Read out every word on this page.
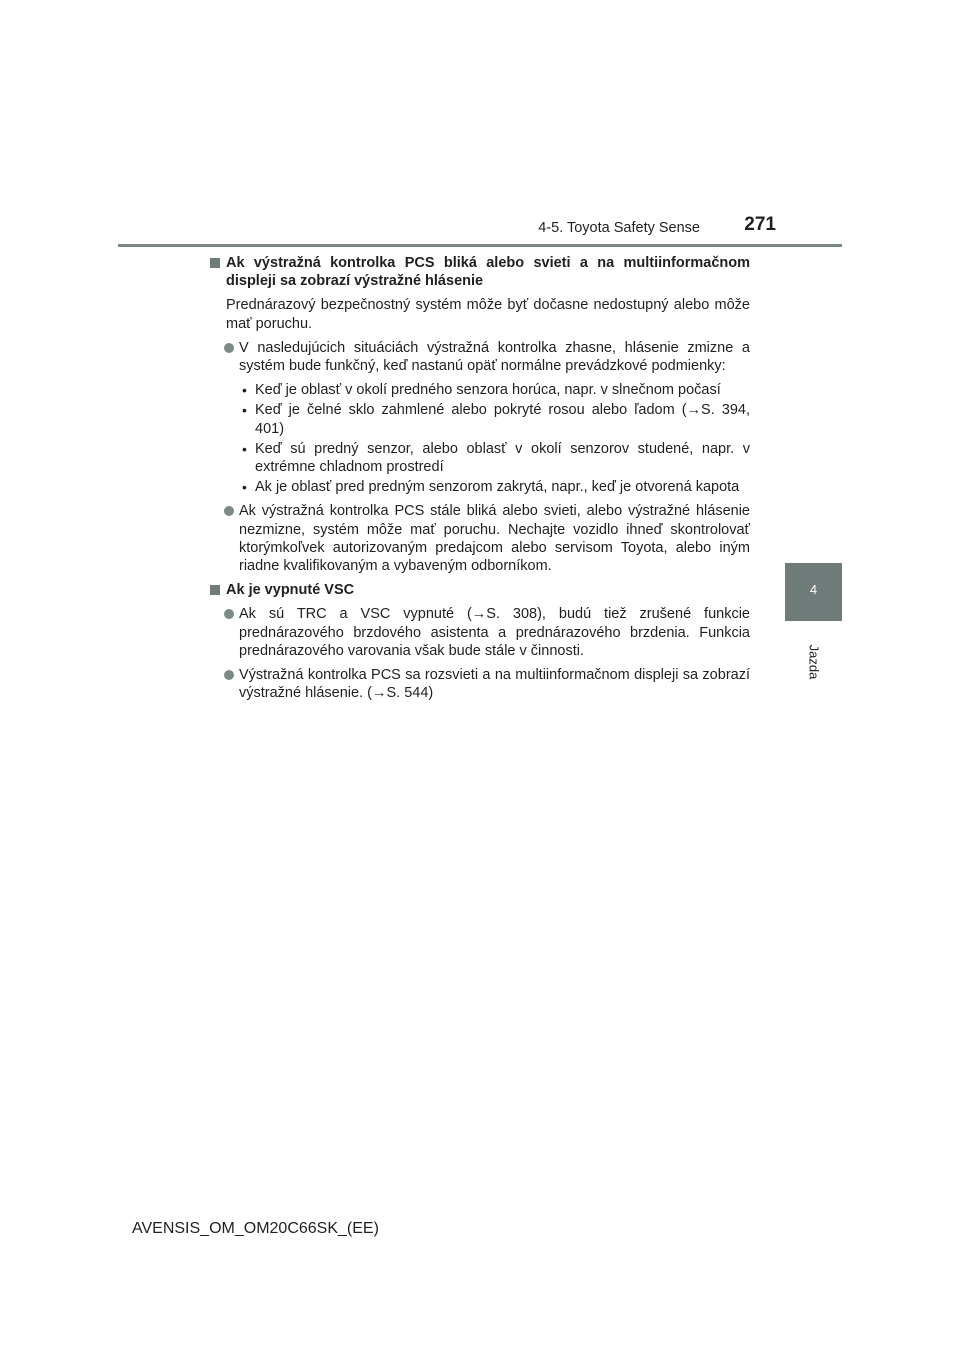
4-5. Toyota Safety Sense	271
4
Jazda
Ak výstražná kontrolka PCS bliká alebo svieti a na multiinformačnom displeji sa zobrazí výstražné hlásenie

Prednárazový bezpečnostný systém môže byť dočasne nedostupný alebo môže mať poruchu.

V nasledujúcich situáciách výstražná kontrolka zhasne, hlásenie zmizne a systém bude funkčný, keď nastanú opäť normálne prevádzkové podmienky:
• Keď je oblasť v okolí predného senzora horúca, napr. v slnečnom počasí
• Keď je čelné sklo zahmlené alebo pokryté rosou alebo ľadom (→S. 394, 401)
• Keď sú predný senzor, alebo oblasť v okolí senzorov studené, napr. v extrémne chladnom prostredí
• Ak je oblasť pred predným senzorom zakrytá, napr., keď je otvorená kapota
Ak výstražná kontrolka PCS stále bliká alebo svieti, alebo výstražné hlásenie nezmizne, systém môže mať poruchu. Nechajte vozidlo ihneď skontrolovať ktorýmkoľvek autorizovaným predajcom alebo servisom Toyota, alebo iným riadne kvalifikovaným a vybaveným odborníkom.
Ak je vypnuté VSC
Ak sú TRC a VSC vypnuté (→S. 308), budú tiež zrušené funkcie prednárazového brzdového asistenta a prednárazového brzdenia. Funkcia prednárazového varovania však bude stále v činnosti.
Výstražná kontrolka PCS sa rozsvieti a na multiinformačnom displeji sa zobrazí výstražné hlásenie. (→S. 544)
AVENSIS_OM_OM20C66SK_(EE)
